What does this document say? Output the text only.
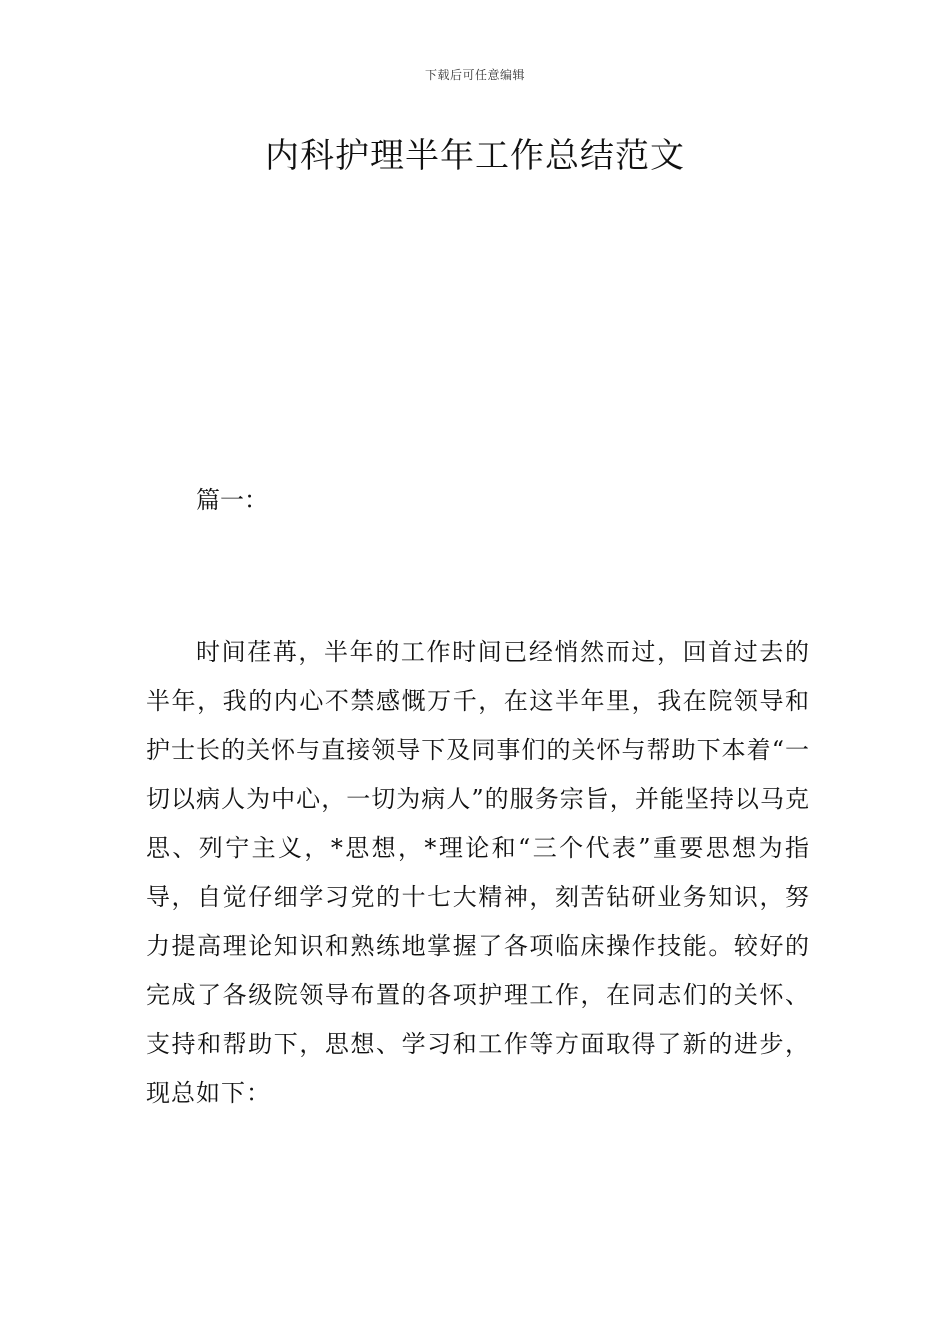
下载后可任意编辑
内科护理半年工作总结范文

篇一：

时间荏苒，半年的工作时间已经悄然而过，回首过去的半年，我的内心不禁感慨万千，在这半年里，我在院领导和护士长的关怀与直接领导下及同事们的关怀与帮助下本着“一切以病人为中心，一切为病人”的服务宗旨，并能坚持以马克思、列宁主义，*思想，*理论和“三个代表”重要思想为指导，自觉仔细学习党的十七大精神，刻苦钻研业务知识，努力提高理论知识和熟练地掌握了各项临床操作技能。较好的完成了各级院领导布置的各项护理工作，在同志们的关怀、支持和帮助下，思想、学习和工作等方面取得了新的进步，现总如下：
